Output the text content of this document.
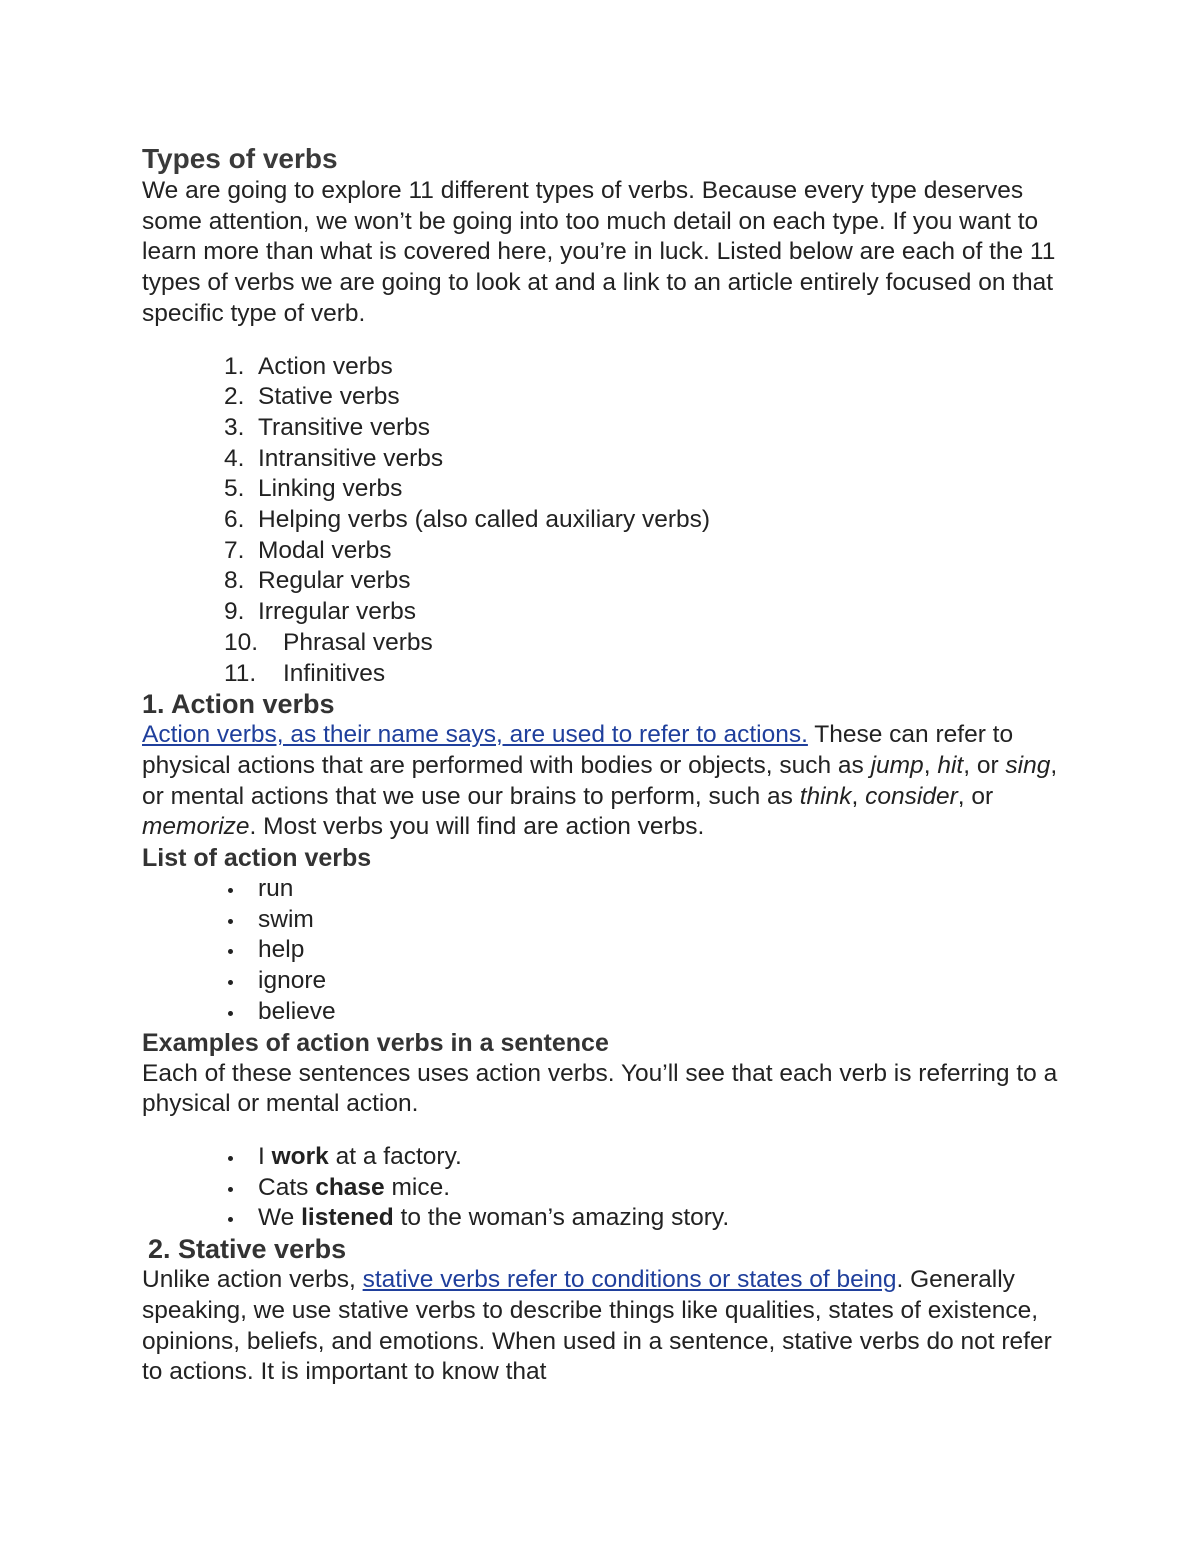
Types of verbs

We are going to explore 11 different types of verbs. Because every type deserves some attention, we won’t be going into too much detail on each type. If you want to learn more than what is covered here, you’re in luck. Listed below are each of the 11 types of verbs we are going to look at and a link to an article entirely focused on that specific type of verb.

1. Action verbs
2. Stative verbs
3. Transitive verbs
4. Intransitive verbs
5. Linking verbs
6. Helping verbs (also called auxiliary verbs)
7. Modal verbs
8. Regular verbs
9. Irregular verbs
10. Phrasal verbs
11. Infinitives
1. Action verbs

Action verbs, as their name says, are used to refer to actions. These can refer to physical actions that are performed with bodies or objects, such as jump, hit, or sing, or mental actions that we use our brains to perform, such as think, consider, or memorize. Most verbs you will find are action verbs.

List of action verbs
run
swim
help
ignore
believe
Examples of action verbs in a sentence

Each of these sentences uses action verbs. You’ll see that each verb is referring to a physical or mental action.

I work at a factory.
Cats chase mice.
We listened to the woman’s amazing story.
2. Stative verbs

Unlike action verbs, stative verbs refer to conditions or states of being. Generally speaking, we use stative verbs to describe things like qualities, states of existence, opinions, beliefs, and emotions. When used in a sentence, stative verbs do not refer to actions. It is important to know that
